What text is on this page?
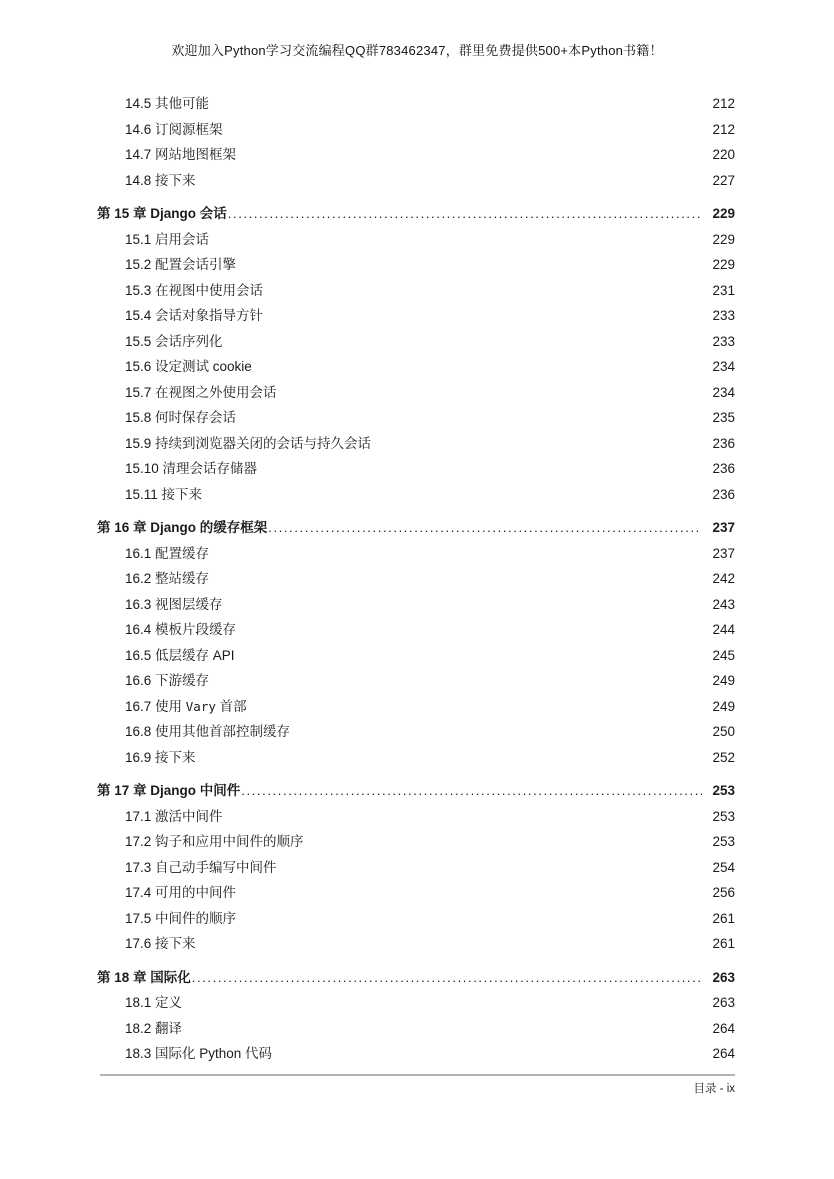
欢迎加入Python学习交流编程QQ群783462347，群里免费提供500+本Python书籍！
14.5 其他可能	212
14.6 订阅源框架	212
14.7 网站地图框架	220
14.8 接下来	227
第 15 章 Django 会话 .....	229
15.1 启用会话	229
15.2 配置会话引擎	229
15.3 在视图中使用会话	231
15.4 会话对象指导方针	233
15.5 会话序列化	233
15.6 设定测试 cookie	234
15.7 在视图之外使用会话	234
15.8 何时保存会话	235
15.9 持续到浏览器关闭的会话与持久会话	236
15.10 清理会话存储器	236
15.11 接下来	236
第 16 章 Django 的缓存框架 .....	237
16.1 配置缓存	237
16.2 整站缓存	242
16.3 视图层缓存	243
16.4 模板片段缓存	244
16.5 低层缓存 API	245
16.6 下游缓存	249
16.7 使用 Vary 首部	249
16.8 使用其他首部控制缓存	250
16.9 接下来	252
第 17 章 Django 中间件 .....	253
17.1 激活中间件	253
17.2 钩子和应用中间件的顺序	253
17.3 自己动手编写中间件	254
17.4 可用的中间件	256
17.5 中间件的顺序	261
17.6 接下来	261
第 18 章 国际化 .....	263
18.1 定义	263
18.2 翻译	264
18.3 国际化 Python 代码	264
目录 - ix
